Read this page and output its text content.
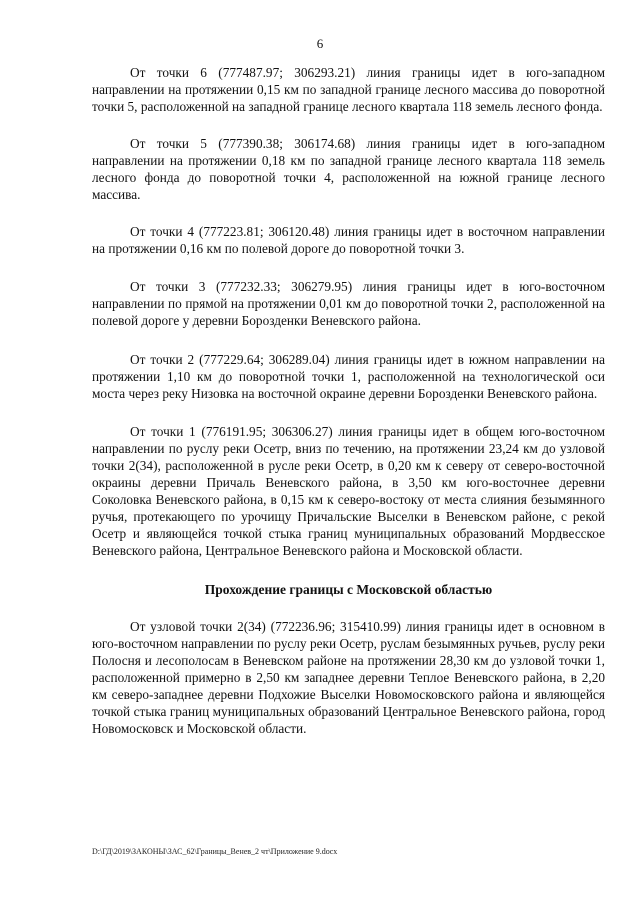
6

От точки 6 (777487.97; 306293.21) линия границы идет в юго-западном направлении на протяжении 0,15 км по западной границе лесного массива до поворотной точки 5, расположенной на западной границе лесного квартала 118 земель лесного фонда.

От точки 5 (777390.38; 306174.68) линия границы идет в юго-западном направлении на протяжении 0,18 км по западной границе лесного квартала 118 земель лесного фонда до поворотной точки 4, расположенной на южной границе лесного массива.

От точки 4 (777223.81; 306120.48) линия границы идет в восточном направлении на протяжении 0,16 км по полевой дороге до поворотной точки 3.

От точки 3 (777232.33; 306279.95) линия границы идет в юго-восточном направлении по прямой на протяжении 0,01 км до поворотной точки 2, расположенной на полевой дороге у деревни Борозденки Веневского района.

От точки 2 (777229.64; 306289.04) линия границы идет в южном направлении на протяжении 1,10 км до поворотной точки 1, расположенной на технологической оси моста через реку Низовка на восточной окраине деревни Борозденки Веневского района.

От точки 1 (776191.95; 306306.27) линия границы идет в общем юго-восточном направлении по руслу реки Осетр, вниз по течению, на протяжении 23,24 км до узловой точки 2(34), расположенной в русле реки Осетр, в 0,20 км к северу от северо-восточной окраины деревни Причаль Веневского района, в 3,50 км юго-восточнее деревни Соколовка Веневского района, в 0,15 км к северо-востоку от места слияния безымянного ручья, протекающего по урочищу Причальские Выселки в Веневском районе, с рекой Осетр и являющейся точкой стыка границ муниципальных образований Мордвесское Веневского района, Центральное Веневского района и Московской области.

Прохождение границы с Московской областью

От узловой точки 2(34) (772236.96; 315410.99) линия границы идет в основном в юго-восточном направлении по руслу реки Осетр, руслам безымянных ручьев, руслу реки Полосня и лесополосам в Веневском районе на протяжении 28,30 км до узловой точки 1, расположенной примерно в 2,50 км западнее деревни Теплое Веневского района, в 2,20 км северо-западнее деревни Подхожие Выселки Новомосковского района и являющейся точкой стыка границ муниципальных образований Центральное Веневского района, город Новомосковск и Московской области.

D:\ГД\2019\ЗАКОНЫ\ЗАС_62\Границы_Венев_2 чт\Приложение 9.docx
